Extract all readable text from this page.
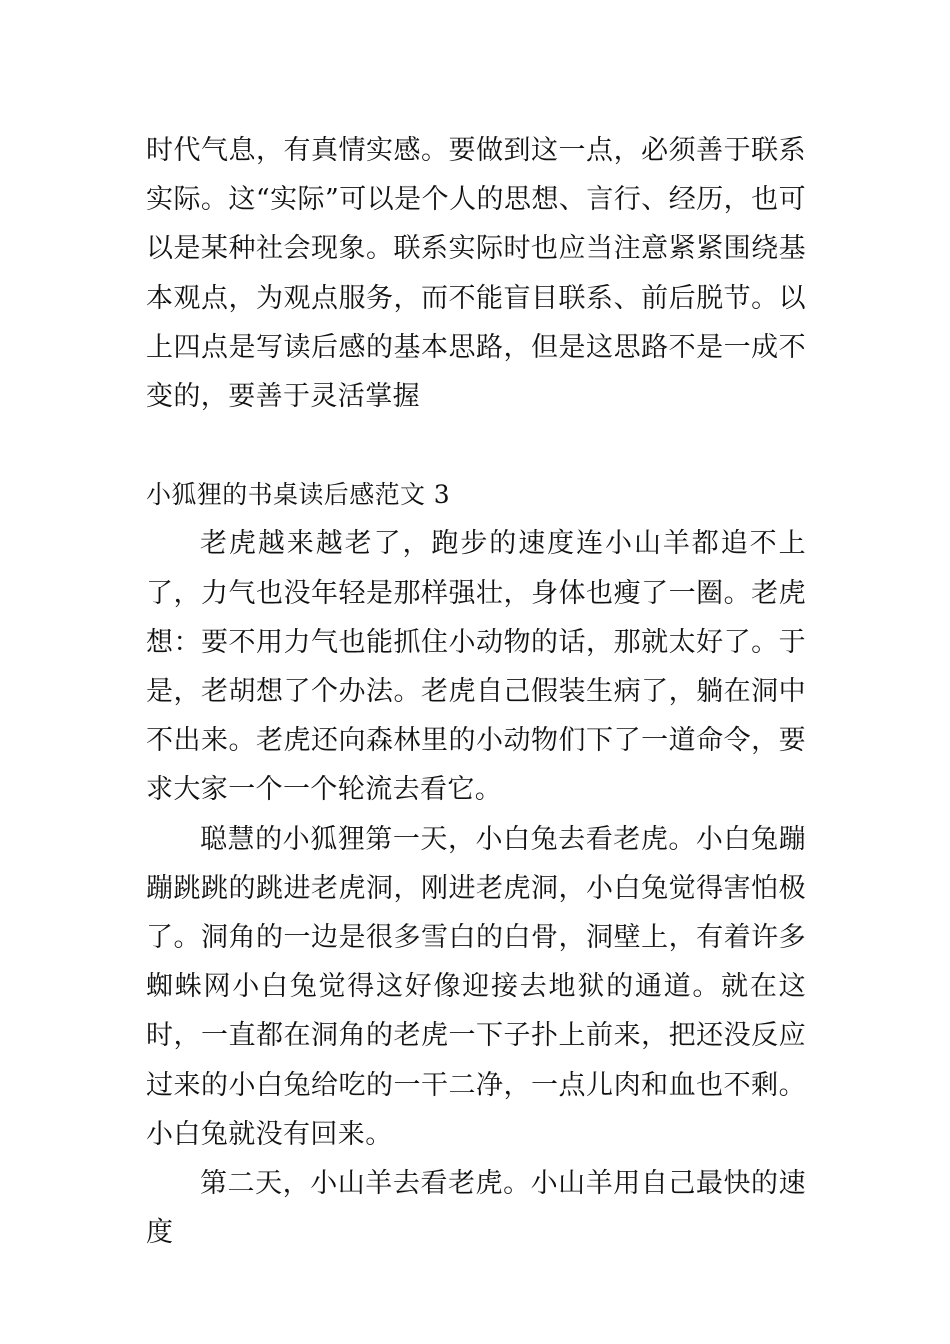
时代气息，有真情实感。要做到这一点，必须善于联系实际。这“实际”可以是个人的思想、言行、经历，也可以是某种社会现象。联系实际时也应当注意紧紧围绕基本观点，为观点服务，而不能盲目联系、前后脱节。以上四点是写读后感的基本思路，但是这思路不是一成不变的，要善于灵活掌握

小狐狸的书桌读后感范文 3

老虎越来越老了，跑步的速度连小山羊都追不上了，力气也没年轻是那样强壮，身体也瘦了一圈。老虎想：要不用力气也能抓住小动物的话，那就太好了。于是，老胡想了个办法。老虎自己假装生病了，躺在洞中不出来。老虎还向森林里的小动物们下了一道命令，要求大家一个一个轮流去看它。

聪慧的小狐狸第一天，小白兔去看老虎。小白兔蹦蹦跳跳的跳进老虎洞，刚进老虎洞，小白兔觉得害怕极了。洞角的一边是很多雪白的白骨，洞壁上，有着许多蜘蛛网小白兔觉得这好像迎接去地狱的通道。就在这时，一直都在洞角的老虎一下子扑上前来，把还没反应过来的小白兔给吃的一干二净，一点儿肉和血也不剩。小白兔就没有回来。

第二天，小山羊去看老虎。小山羊用自己最快的速度
